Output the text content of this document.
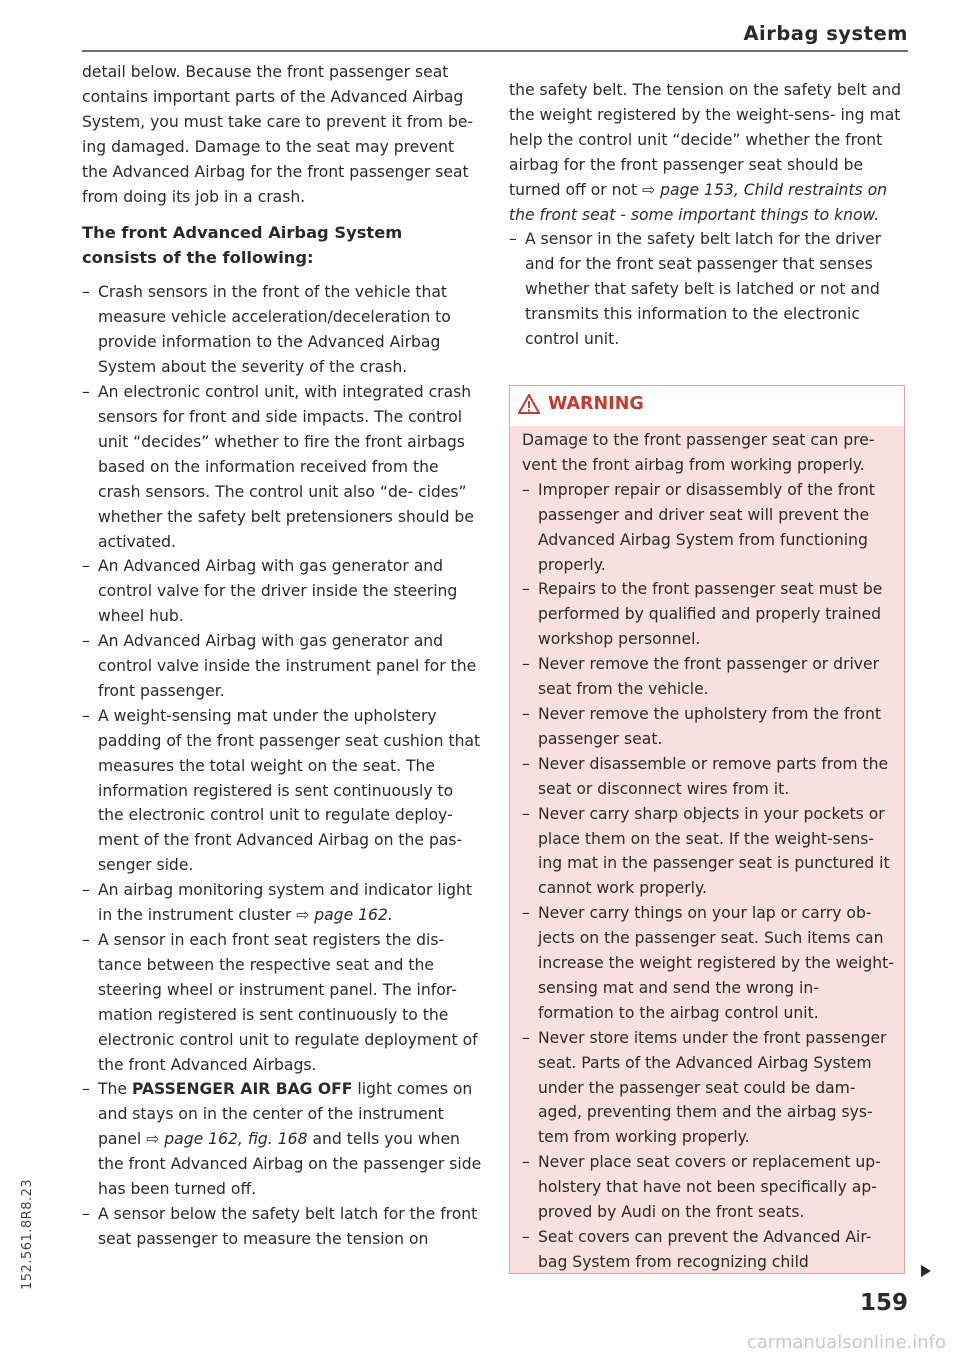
Airbag system

detail below. Because the front passenger seat contains important parts of the Advanced Airbag System, you must take care to prevent it from be- ing damaged. Damage to the seat may prevent the Advanced Airbag for the front passenger seat from doing its job in a crash.

The front Advanced Airbag System consists of the following:

– Crash sensors in the front of the vehicle that measure vehicle acceleration/deceleration to provide information to the Advanced Airbag System about the severity of the crash.
– An electronic control unit, with integrated crash sensors for front and side impacts. The control unit “decides” whether to fire the front airbags based on the information received from the crash sensors. The control unit also “de- cides” whether the safety belt pretensioners should be activated.
– An Advanced Airbag with gas generator and control valve for the driver inside the steering wheel hub.
– An Advanced Airbag with gas generator and control valve inside the instrument panel for the front passenger.
– A weight-sensing mat under the upholstery padding of the front passenger seat cushion that measures the total weight on the seat. The information registered is sent continuously to the electronic control unit to regulate deploy- ment of the front Advanced Airbag on the pas- senger side.
– An airbag monitoring system and indicator light in the instrument cluster ⇨ page 162.
– A sensor in each front seat registers the dis- tance between the respective seat and the steering wheel or instrument panel. The infor- mation registered is sent continuously to the electronic control unit to regulate deployment of the front Advanced Airbags.
– The PASSENGER AIR BAG OFF light comes on and stays on in the center of the instrument panel ⇨ page 162, fig. 168 and tells you when the front Advanced Airbag on the passenger side has been turned off.
– A sensor below the safety belt latch for the front seat passenger to measure the tension on

the safety belt. The tension on the safety belt and the weight registered by the weight-sens- ing mat help the control unit “decide” whether the front airbag for the front passenger seat should be turned off or not ⇨ page 153, Child restraints on the front seat - some important things to know.

– A sensor in the safety belt latch for the driver and for the front seat passenger that senses whether that safety belt is latched or not and transmits this information to the electronic control unit.
WARNING

Damage to the front passenger seat can pre- vent the front airbag from working properly.

– Improper repair or disassembly of the front passenger and driver seat will prevent the Advanced Airbag System from functioning properly.
– Repairs to the front passenger seat must be performed by qualified and properly trained workshop personnel.
– Never remove the front passenger or driver seat from the vehicle.
– Never remove the upholstery from the front passenger seat.
– Never disassemble or remove parts from the seat or disconnect wires from it.
– Never carry sharp objects in your pockets or place them on the seat. If the weight-sens- ing mat in the passenger seat is punctured it cannot work properly.
– Never carry things on your lap or carry ob- jects on the passenger seat. Such items can increase the weight registered by the weight-sensing mat and send the wrong in- formation to the airbag control unit.
– Never store items under the front passenger seat. Parts of the Advanced Airbag System under the passenger seat could be dam- aged, preventing them and the airbag sys- tem from working properly.
– Never place seat covers or replacement up- holstery that have not been specifically ap- proved by Audi on the front seats.
– Seat covers can prevent the Advanced Air- bag System from recognizing child
159
152.561.8R8.23
carmanualsonline.info
